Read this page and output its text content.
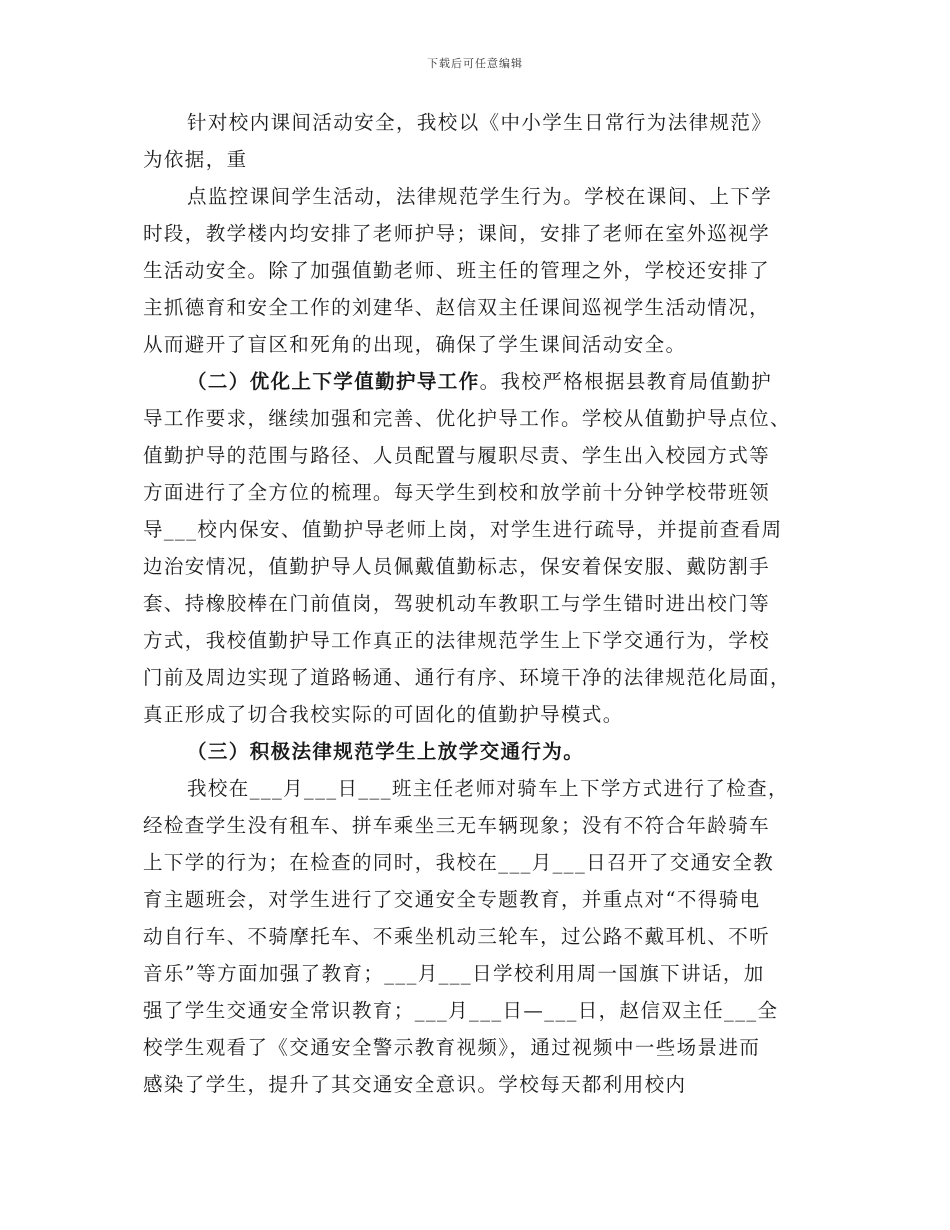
下载后可任意编辑
针对校内课间活动安全，我校以《中小学生日常行为法律规范》
为依据，重
点监控课间学生活动，法律规范学生行为。学校在课间、上下学
时段，教学楼内均安排了老师护导；课间，安排了老师在室外巡视学
生活动安全。除了加强值勤老师、班主任的管理之外，学校还安排了
主抓德育和安全工作的刘建华、赵信双主任课间巡视学生活动情况，
从而避开了盲区和死角的出现，确保了学生课间活动安全。
（二）优化上下学值勤护导工作。我校严格根据县教育局值勤护
导工作要求，继续加强和完善、优化护导工作。学校从值勤护导点位、
值勤护导的范围与路径、人员配置与履职尽责、学生出入校园方式等
方面进行了全方位的梳理。每天学生到校和放学前十分钟学校带班领
导___校内保安、值勤护导老师上岗，对学生进行疏导，并提前查看周
边治安情况，值勤护导人员佩戴值勤标志，保安着保安服、戴防割手
套、持橡胶棒在门前值岗，驾驶机动车教职工与学生错时进出校门等
方式，我校值勤护导工作真正的法律规范学生上下学交通行为，学校
门前及周边实现了道路畅通、通行有序、环境干净的法律规范化局面，
真正形成了切合我校实际的可固化的值勤护导模式。
（三）积极法律规范学生上放学交通行为。
我校在___月___日___班主任老师对骑车上下学方式进行了检查，
经检查学生没有租车、拼车乘坐三无车辆现象；没有不符合年龄骑车
上下学的行为；在检查的同时，我校在___月___日召开了交通安全教
育主题班会，对学生进行了交通安全专题教育，并重点对“不得骑电
动自行车、不骑摩托车、不乘坐机动三轮车，过公路不戴耳机、不听
音乐”等方面加强了教育；___月___日学校利用周一国旗下讲话，加
强了学生交通安全常识教育；___月___日—___日，赵信双主任___全
校学生观看了《交通安全警示教育视频》，通过视频中一些场景进而
感染了学生，提升了其交通安全意识。学校每天都利用校内
